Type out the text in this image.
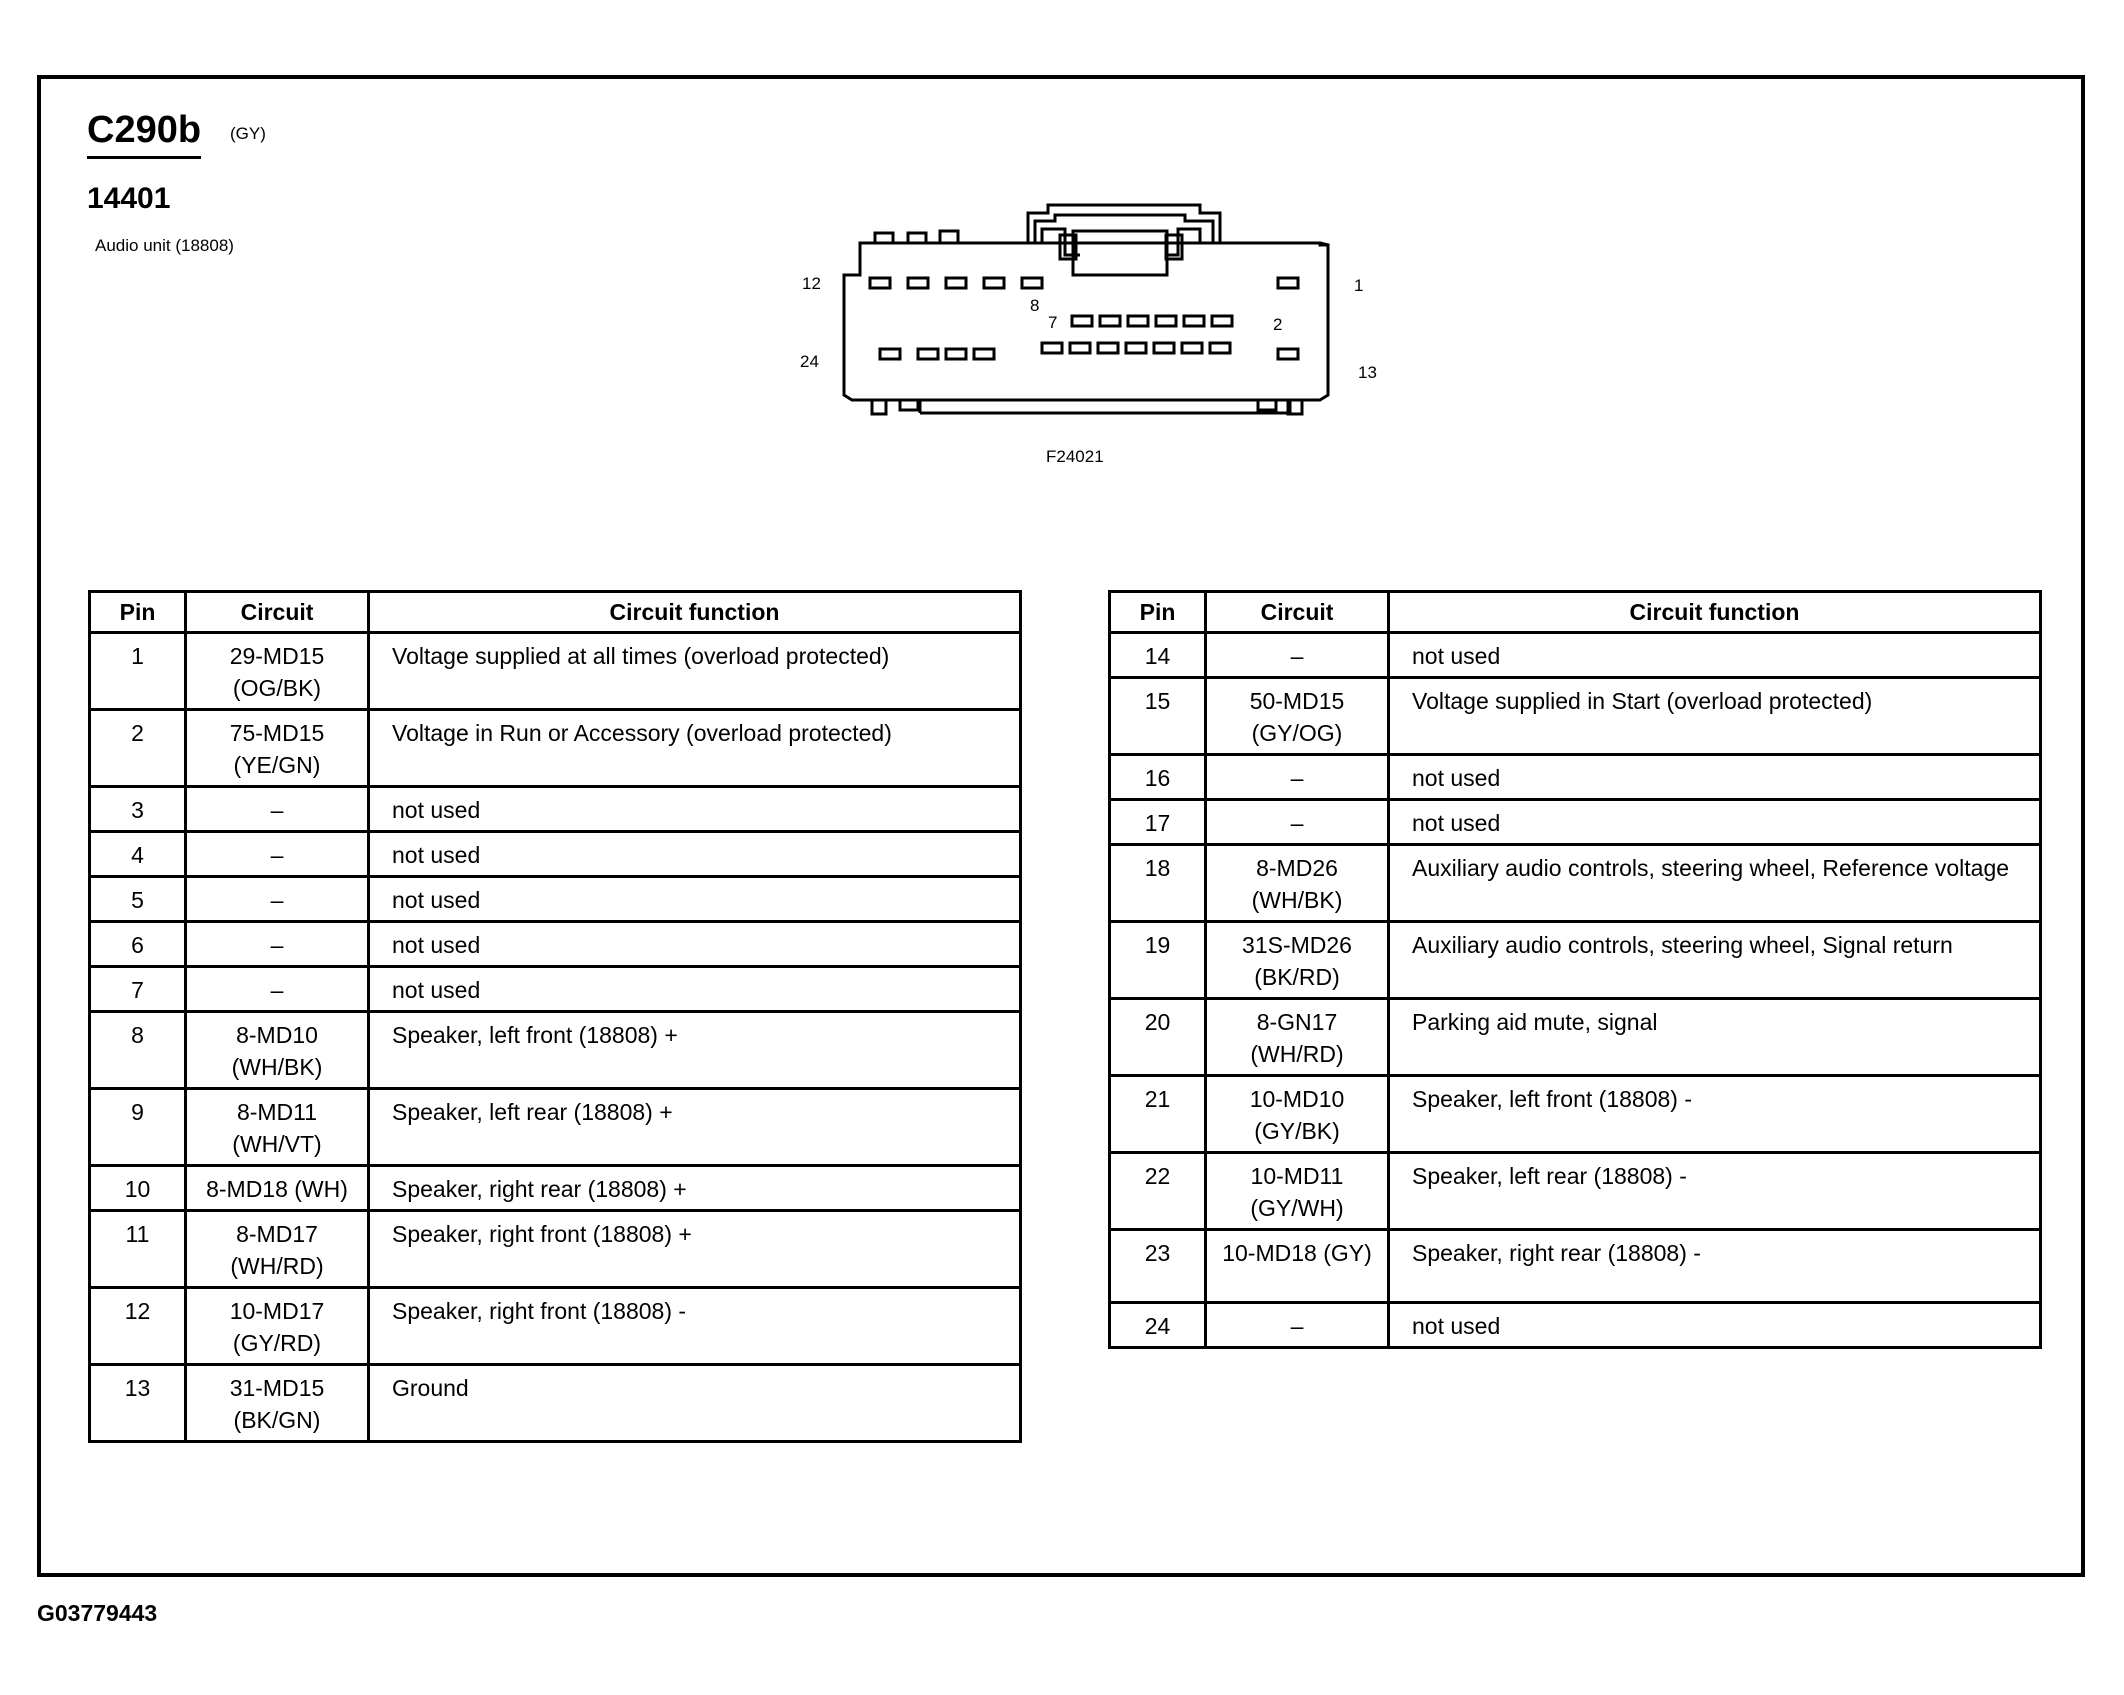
C290b (GY)
14401
Audio unit (18808)
12
8
1
7	2
24
13
F24021
Pin	Circuit	Circuit function
1	29-MD15 (OG/BK)	Voltage supplied at all times (overload protected)
2	75-MD15 (YE/GN)	Voltage in Run or Accessory (overload protected)
3	–	not used
4	–	not used
5	–	not used
6	–	not used
7	–	not used
8	8-MD10 (WH/BK)	Speaker, left front (18808) +
9	8-MD11 (WH/VT)	Speaker, left rear (18808) +
10	8-MD18 (WH)	Speaker, right rear (18808) +
11	8-MD17 (WH/RD)	Speaker, right front (18808) +
12	10-MD17 (GY/RD)	Speaker, right front (18808) -
13	31-MD15 (BK/GN)	Ground
Pin	Circuit	Circuit function
14	–	not used
15	50-MD15 (GY/OG)	Voltage supplied in Start (overload protected)
16	–	not used
17	–	not used
18	8-MD26 (WH/BK)	Auxiliary audio controls, steering wheel, Reference voltage
19	31S-MD26 (BK/RD)	Auxiliary audio controls, steering wheel, Signal return
20	8-GN17 (WH/RD)	Parking aid mute, signal
21	10-MD10 (GY/BK)	Speaker, left front (18808) -
22	10-MD11 (GY/WH)	Speaker, left rear (18808) -
23	10-MD18 (GY)	Speaker, right rear (18808) -
24	–	not used
G03779443
